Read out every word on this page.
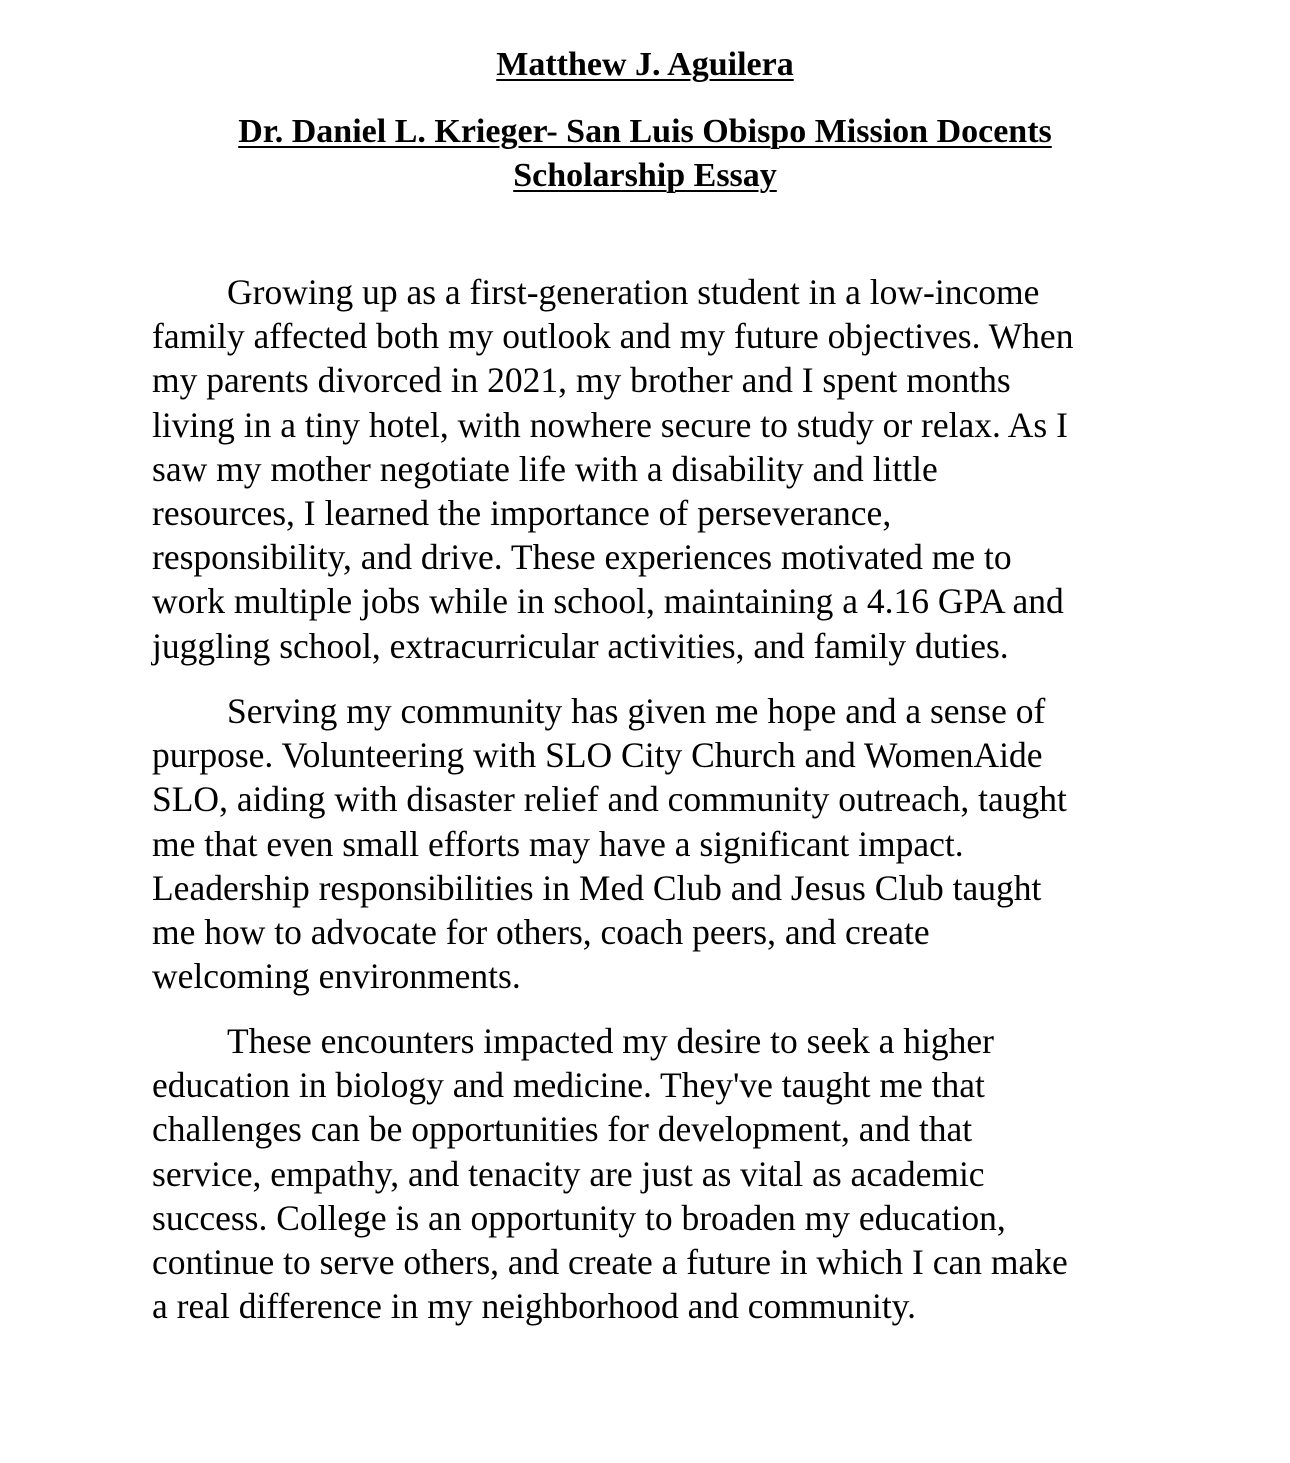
Matthew J. Aguilera

Dr. Daniel L. Krieger- San Luis Obispo Mission Docents

Scholarship Essay

Growing up as a first-generation student in a low-income
family affected both my outlook and my future objectives. When
my parents divorced in 2021, my brother and I spent months
living in a tiny hotel, with nowhere secure to study or relax. As I
saw my mother negotiate life with a disability and little
resources, I learned the importance of perseverance,
responsibility, and drive. These experiences motivated me to
work multiple jobs while in school, maintaining a 4.16 GPA and
juggling school, extracurricular activities, and family duties.

Serving my community has given me hope and a sense of
purpose. Volunteering with SLO City Church and WomenAide
SLO, aiding with disaster relief and community outreach, taught
me that even small efforts may have a significant impact.
Leadership responsibilities in Med Club and Jesus Club taught
me how to advocate for others, coach peers, and create
welcoming environments.

These encounters impacted my desire to seek a higher
education in biology and medicine. They've taught me that
challenges can be opportunities for development, and that
service, empathy, and tenacity are just as vital as academic
success. College is an opportunity to broaden my education,
continue to serve others, and create a future in which I can make
a real difference in my neighborhood and community.
